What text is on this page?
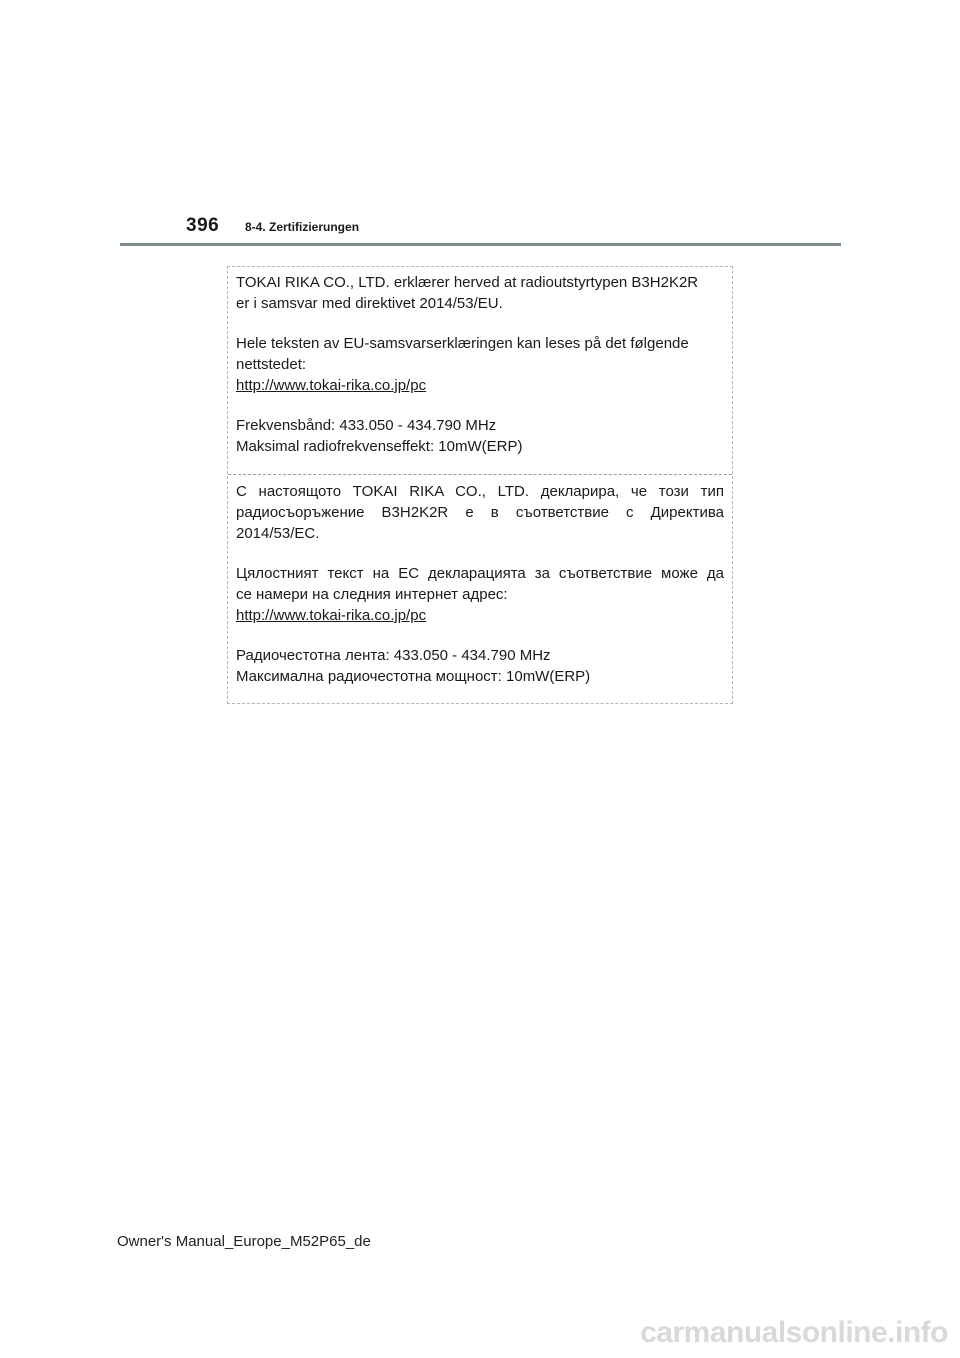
396 8-4. Zertifizierungen

TOKAI RIKA CO., LTD. erklærer herved at radioutstyrtypen B3H2K2R
er i samsvar med direktivet 2014/53/EU.

Hele teksten av EU-samsvarserklæringen kan leses på det følgende
nettstedet:
http://www.tokai-rika.co.jp/pc

Frekvensbånd: 433.050 - 434.790 MHz
Maksimal radiofrekvenseffekt: 10mW(ERP)

С настоящото TOKAI RIKA CO., LTD. декларира, че този тип
радиосъоръжение B3H2K2R е в съответствие с Директива
2014/53/ЕС.

Цялостният текст на ЕС декларацията за съответствие може да
се намери на следния интернет адрес:
http://www.tokai-rika.co.jp/pc

Радиочестотна лента: 433.050 - 434.790 MHz
Максимална радиочестотна мощност: 10mW(ERP)

Owner's Manual_Europe_M52P65_de
carmanualsonline.info
